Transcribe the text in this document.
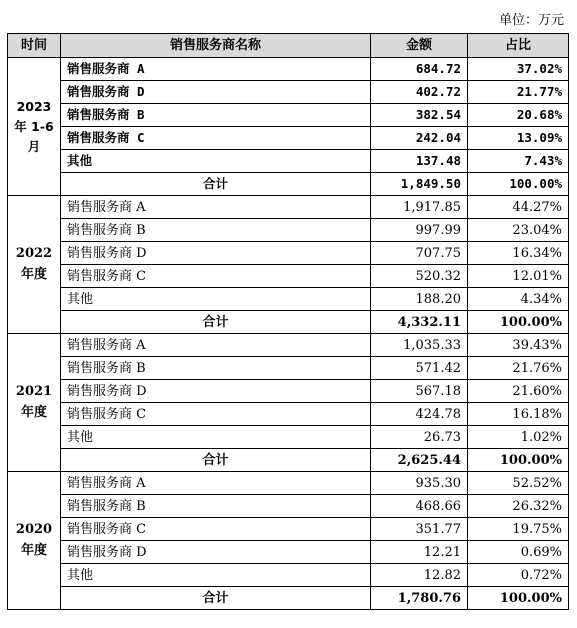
单位：万元
时间	销售服务商名称	金额	占比
2023
年 1-6
月	销售服务商 A	684.72	37.02%
	销售服务商 D	402.72	21.77%
	销售服务商 B	382.54	20.68%
	销售服务商 C	242.04	13.09%
	其他	137.48	7.43%
	合计	1,849.50	100.00%
2022
年度	销售服务商 A	1,917.85	44.27%
	销售服务商 B	997.99	23.04%
	销售服务商 D	707.75	16.34%
	销售服务商 C	520.32	12.01%
	其他	188.20	4.34%
	合计	4,332.11	100.00%
2021
年度	销售服务商 A	1,035.33	39.43%
	销售服务商 B	571.42	21.76%
	销售服务商 D	567.18	21.60%
	销售服务商 C	424.78	16.18%
	其他	26.73	1.02%
	合计	2,625.44	100.00%
2020
年度	销售服务商 A	935.30	52.52%
	销售服务商 B	468.66	26.32%
	销售服务商 C	351.77	19.75%
	销售服务商 D	12.21	0.69%
	其他	12.82	0.72%
	合计	1,780.76	100.00%
